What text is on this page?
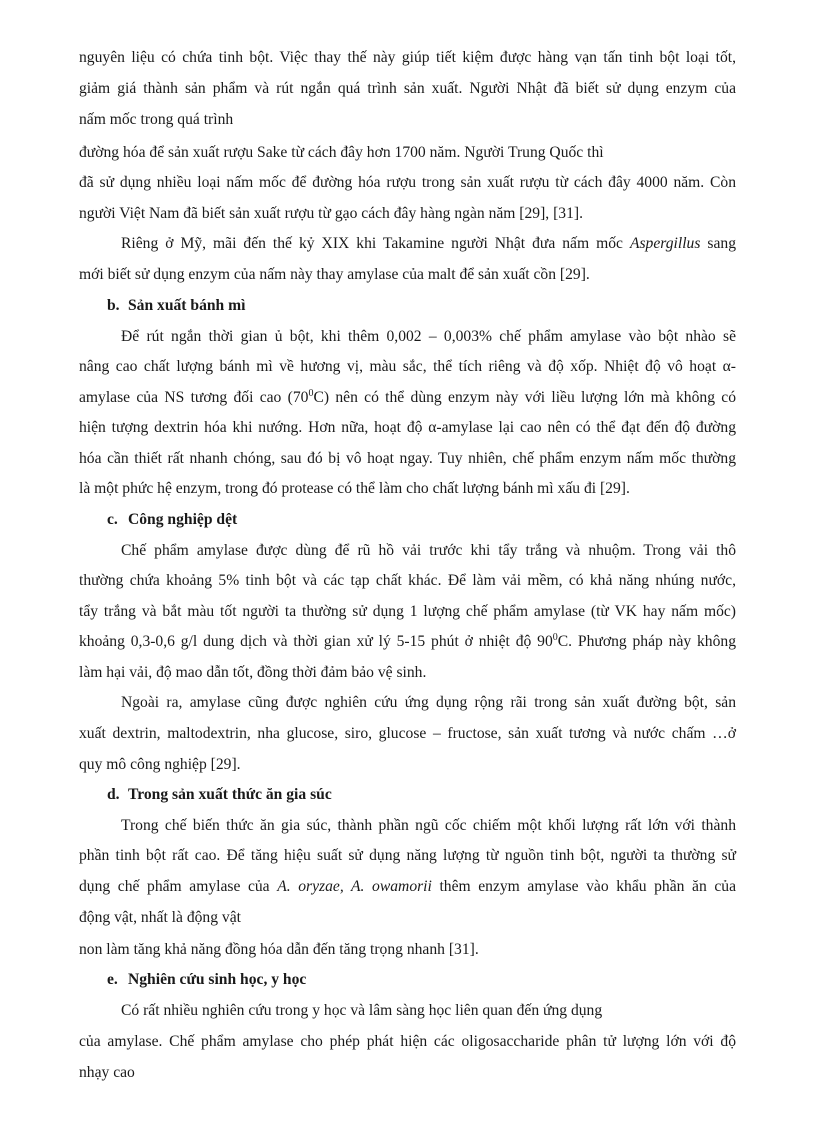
nguyên liệu có chứa tinh bột. Việc thay thế này giúp tiết kiệm được hàng vạn tấn tinh bột loại tốt,
giảm giá thành sản phẩm và rút ngắn quá trình sản xuất. Người Nhật đã biết sử dụng enzym của
nấm mốc trong quá trình
đường hóa để sản xuất rượu Sake từ cách đây hơn 1700 năm. Người Trung Quốc thì
đã sử dụng nhiều loại nấm mốc để đường hóa rượu trong sản xuất rượu từ cách đây 4000 năm. Còn
người Việt Nam đã biết sản xuất rượu từ gạo cách đây hàng ngàn năm [29], [31].
Riêng ở Mỹ, mãi đến thế kỷ XIX khi Takamine người Nhật đưa nấm mốc Aspergillus sang
mới biết sử dụng enzym của nấm này thay amylase của malt để sản xuất cồn [29].
b. Sản xuất bánh mì
Để rút ngắn thời gian ủ bột, khi thêm 0,002 – 0,003% chế phẩm amylase vào bột nhào sẽ
nâng cao chất lượng bánh mì về hương vị, màu sắc, thể tích riêng và độ xốp. Nhiệt độ vô hoạt α-
amylase của NS tương đối cao $(70^0C)$ nên có thể dùng enzym này với liều lượng lớn mà không có
hiện tượng dextrin hóa khi nướng. Hơn nữa, hoạt độ α-amylase lại cao nên có thể đạt đến độ đường
hóa cần thiết rất nhanh chóng, sau đó bị vô hoạt ngay. Tuy nhiên, chế phẩm enzym nấm mốc thường
là một phức hệ enzym, trong đó protease có thể làm cho chất lượng bánh mì xấu đi [29].
c. Công nghiệp dệt
Chế phẩm amylase được dùng để rũ hồ vải trước khi tẩy trắng và nhuộm. Trong vải thô
thường chứa khoảng 5% tinh bột và các tạp chất khác. Để làm vải mềm, có khả năng nhúng nước,
tẩy trắng và bắt màu tốt người ta thường sử dụng 1 lượng chế phẩm amylase (từ VK hay nấm mốc)
khoảng 0,3-0,6 g/l dung dịch và thời gian xử lý 5-15 phút ở nhiệt độ $90^0C$. Phương pháp này không
làm hại vải, độ mao dẫn tốt, đồng thời đảm bảo vệ sinh.
Ngoài ra, amylase cũng được nghiên cứu ứng dụng rộng rãi trong sản xuất đường bột, sản
xuất dextrin, maltodextrin, nha glucose, siro, glucose – fructose, sản xuất tương và nước chấm …ở
quy mô công nghiệp [29].
d. Trong sản xuất thức ăn gia súc
Trong chế biến thức ăn gia súc, thành phần ngũ cốc chiếm một khối lượng rất lớn với thành
phần tinh bột rất cao. Để tăng hiệu suất sử dụng năng lượng từ nguồn tinh bột, người ta thường sử
dụng chế phẩm amylase của A. oryzae, A. owamorii thêm enzym amylase vào khẩu phần ăn của
động vật, nhất là động vật
non làm tăng khả năng đồng hóa dẫn đến tăng trọng nhanh [31].
e. Nghiên cứu sinh học, y học
Có rất nhiều nghiên cứu trong y học và lâm sàng học liên quan đến ứng dụng
của amylase. Chế phẩm amylase cho phép phát hiện các oligosaccharide phân tử lượng lớn với độ
nhạy cao
